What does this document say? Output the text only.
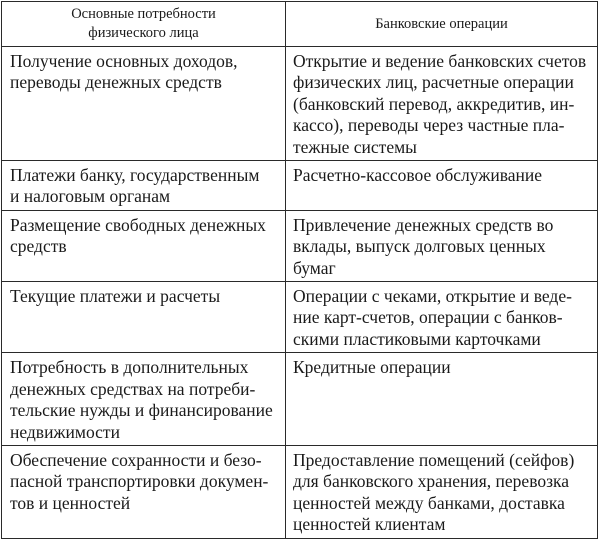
Основные потребности
физического лица	Банковские операции

Получение основных доходов,
переводы денежных средств	Открытие и ведение банковских счетов
физических лиц, расчетные операции
(банковский перевод, аккредитив, ин-
кассо), переводы через частные пла-
тежные системы

Платежи банку, государственным
и налоговым органам	Расчетно-кассовое обслуживание

Размещение свободных денежных
средств	Привлечение денежных средств во
вклады, выпуск долговых ценных бумаг

Текущие платежи и расчеты	Операции с чеками, открытие и веде-
ние карт-счетов, операции с банков-
скими пластиковыми карточками

Потребность в дополнительных
денежных средствах на потреби-
тельские нужды и финансирование
недвижимости	Кредитные операции

Обеспечение сохранности и безо-
пасной транспортировки докумен-
тов и ценностей	Предоставление помещений (сейфов)
для банковского хранения, перевозка
ценностей между банками, доставка
ценностей клиентам
